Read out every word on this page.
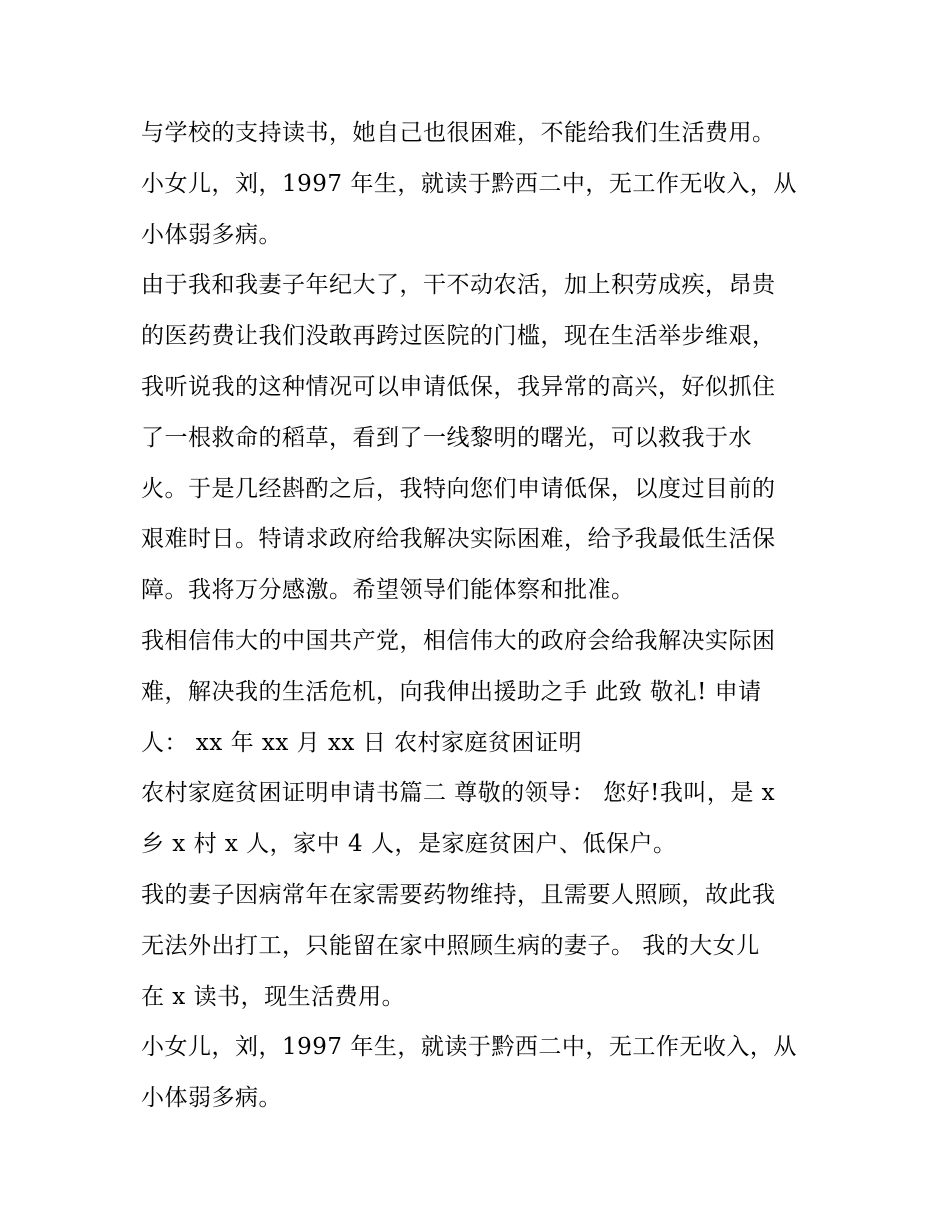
与学校的支持读书，她自己也很困难，不能给我们生活费用。
小女儿，刘，1997 年生，就读于黔西二中，无工作无收入，从
小体弱多病。
由于我和我妻子年纪大了，干不动农活，加上积劳成疾，昂贵
的医药费让我们没敢再跨过医院的门槛，现在生活举步维艰，
我听说我的这种情况可以申请低保，我异常的高兴，好似抓住
了一根救命的稻草，看到了一线黎明的曙光，可以救我于水
火。于是几经斟酌之后，我特向您们申请低保，以度过目前的
艰难时日。特请求政府给我解决实际困难，给予我最低生活保
障。我将万分感激。希望领导们能体察和批准。
我相信伟大的中国共产党，相信伟大的政府会给我解决实际困
难，解决我的生活危机，向我伸出援助之手 此致 敬礼! 申请
人： xx 年 xx 月 xx 日 农村家庭贫困证明
农村家庭贫困证明申请书篇二 尊敬的领导： 您好!我叫，是 x
乡 x 村 x 人，家中 4 人，是家庭贫困户、低保户。
我的妻子因病常年在家需要药物维持，且需要人照顾，故此我
无法外出打工，只能留在家中照顾生病的妻子。 我的大女儿
在 x 读书，现生活费用。
小女儿，刘，1997 年生，就读于黔西二中，无工作无收入，从
小体弱多病。
